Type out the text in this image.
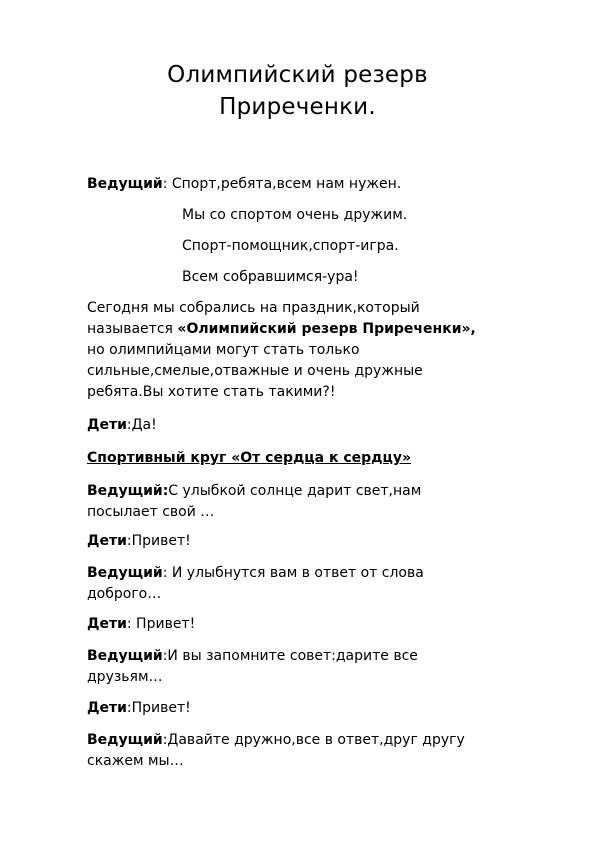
Олимпийский резерв
Приреченки.
Ведущий: Спорт,ребята,всем нам нужен.
Мы со спортом очень дружим.
Спорт-помощник,спорт-игра.
Всем собравшимся-ура!
Сегодня мы собрались на праздник,который
называется «Олимпийский резерв Приреченки»,
но олимпийцами могут стать только
сильные,смелые,отважные и очень дружные
ребята.Вы хотите стать такими?!
Дети:Да!
Спортивный круг «От сердца к сердцу»
Ведущий:С улыбкой солнце дарит свет,нам
посылает свой …
Дети:Привет!
Ведущий: И улыбнутся вам в ответ от слова
доброго…
Дети: Привет!
Ведущий:И вы запомните совет:дарите все
друзьям…
Дети:Привет!
Ведущий:Давайте дружно,все в ответ,друг другу
скажем мы…
